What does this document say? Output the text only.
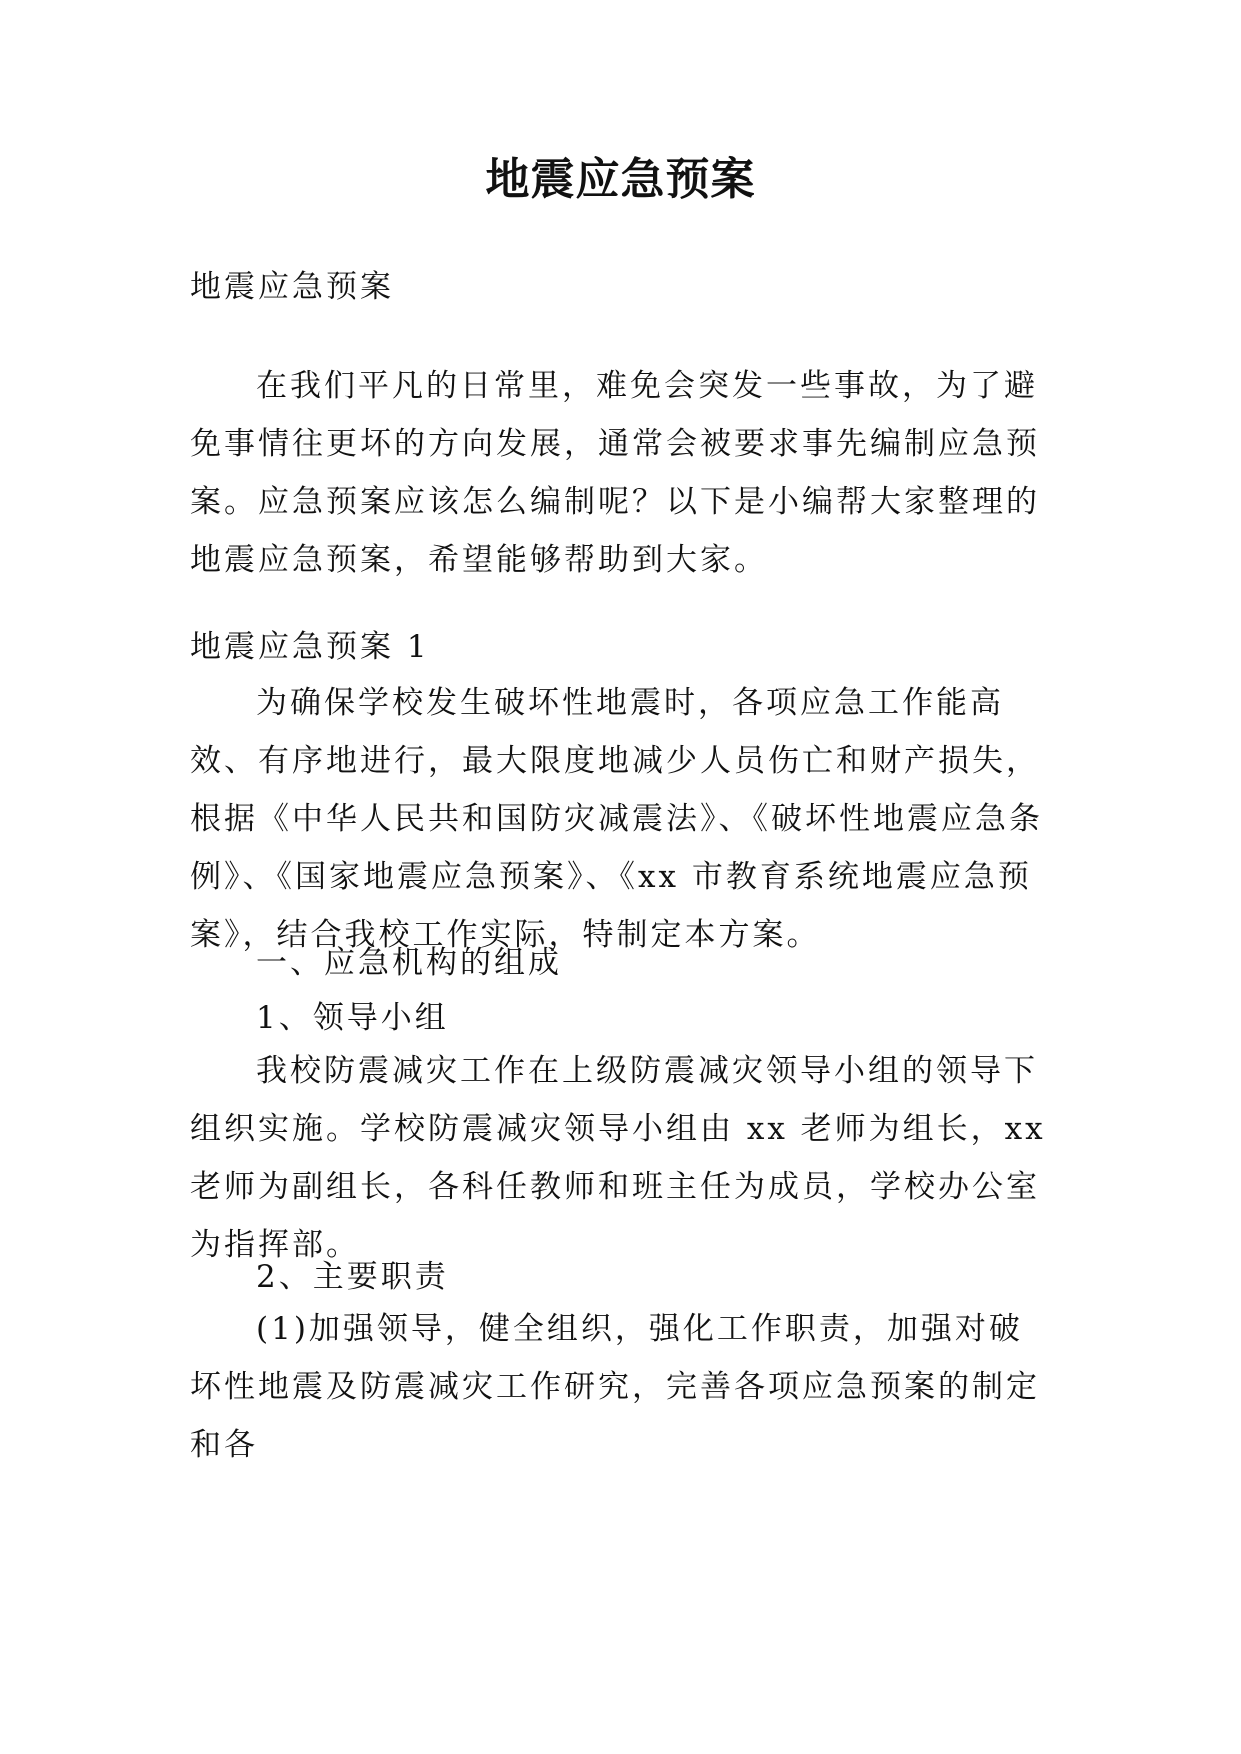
地震应急预案
地震应急预案
在我们平凡的日常里，难免会突发一些事故，为了避免事情往更坏的方向发展，通常会被要求事先编制应急预案。应急预案应该怎么编制呢？以下是小编帮大家整理的地震应急预案，希望能够帮助到大家。
地震应急预案 1
为确保学校发生破坏性地震时，各项应急工作能高效、有序地进行，最大限度地减少人员伤亡和财产损失，根据《中华人民共和国防灾减震法》、《破坏性地震应急条例》、《国家地震应急预案》、《xx 市教育系统地震应急预案》，结合我校工作实际，特制定本方案。
一、应急机构的组成
1、领导小组
我校防震减灾工作在上级防震减灾领导小组的领导下组织实施。学校防震减灾领导小组由 xx 老师为组长，xx 老师为副组长，各科任教师和班主任为成员，学校办公室为指挥部。
2、主要职责
(1)加强领导，健全组织，强化工作职责，加强对破坏性地震及防震减灾工作研究，完善各项应急预案的制定和各
